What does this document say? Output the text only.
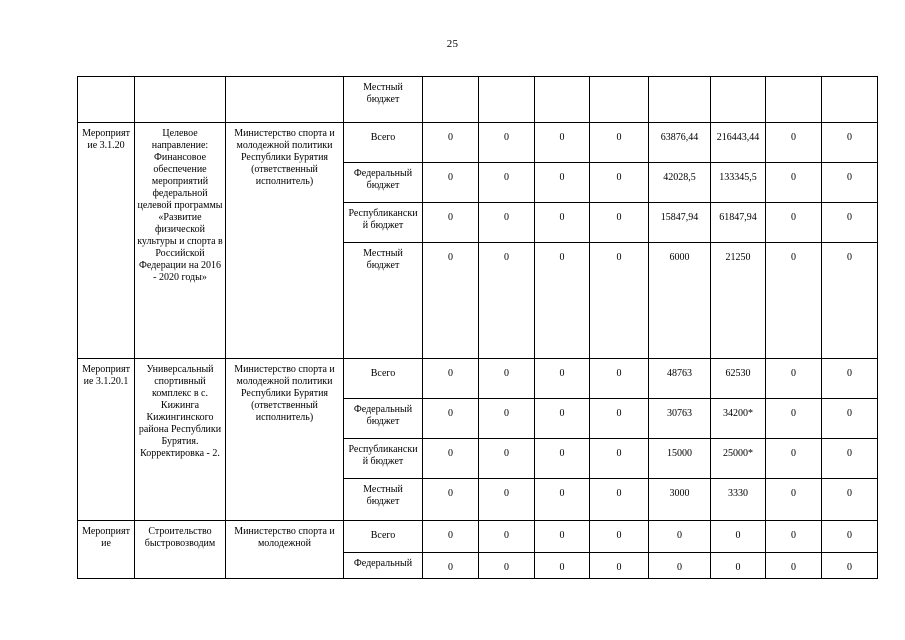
25

			Местный бюджет								

Мероприятие 3.1.20	Целевое направление: Финансовое обеспечение мероприятий федеральной целевой программы «Развитие физической культуры и спорта в Российской Федерации на 2016 - 2020 годы»	Министерство спорта и молодежной политики Республики Бурятия (ответственный исполнитель)	Всего	0	0	0	0	63876,44	216443,44	0	0

			Федеральный бюджет	0	0	0	0	42028,5	133345,5	0	0

			Республиканский бюджет	0	0	0	0	15847,94	61847,94	0	0

			Местный бюджет	0	0	0	0	6000	21250	0	0

Мероприятие 3.1.20.1	Универсальный спортивный комплекс в с. Кижинга Кижингинского района Республики Бурятия. Корректировка - 2.	Министерство спорта и молодежной политики Республики Бурятия (ответственный исполнитель)	Всего	0	0	0	0	48763	62530	0	0

			Федеральный бюджет	0	0	0	0	30763	34200*	0	0

			Республиканский бюджет	0	0	0	0	15000	25000*	0	0

			Местный бюджет	0	0	0	0	3000	3330	0	0

Мероприятие	Строительство быстровозводим	Министерство спорта и молодежной	Всего	0	0	0	0	0	0	0	0

			Федеральный	0	0	0	0	0	0	0	0
